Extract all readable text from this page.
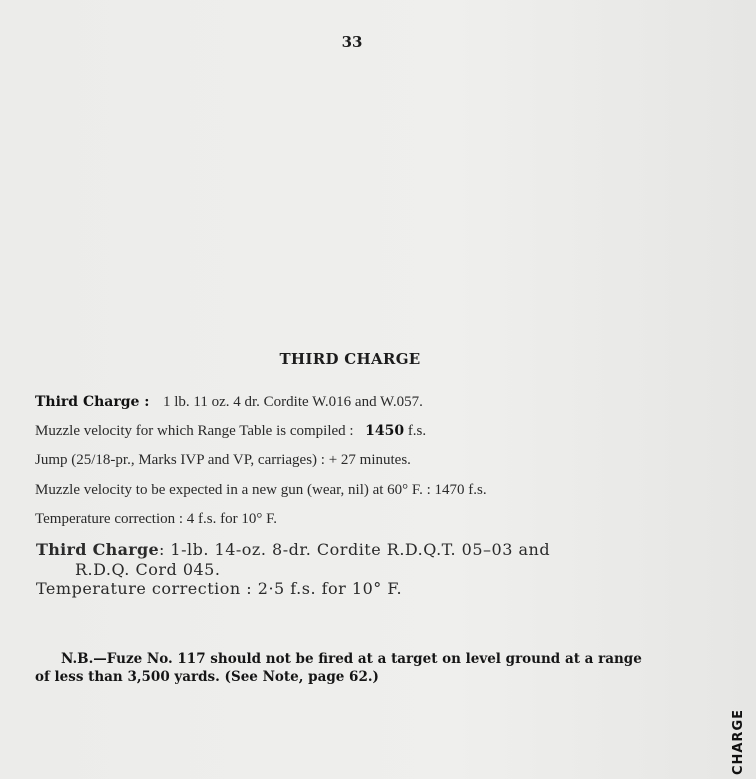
33
THIRD CHARGE
Third Charge : 1 lb. 11 oz. 4 dr. Cordite W.016 and W.057.
Muzzle velocity for which Range Table is compiled : 1450 f.s.
Jump (25/18-pr., Marks IVP and VP, carriages) : + 27 minutes.
Muzzle velocity to be expected in a new gun (wear, nil) at 60° F. : 1470 f.s.
Temperature correction : 4 f.s. for 10° F.
Third Charge: 1-lb. 14-oz. 8-dr. Cordite R.D.Q.T. 05–03 and
R.D.Q. Cord 045.
Temperature correction : 2·5 f.s. for 10° F.
N.B.—Fuze No. 117 should not be fired at a target on level ground at a range
of less than 3,500 yards. (See Note, page 62.)
CHARGE
